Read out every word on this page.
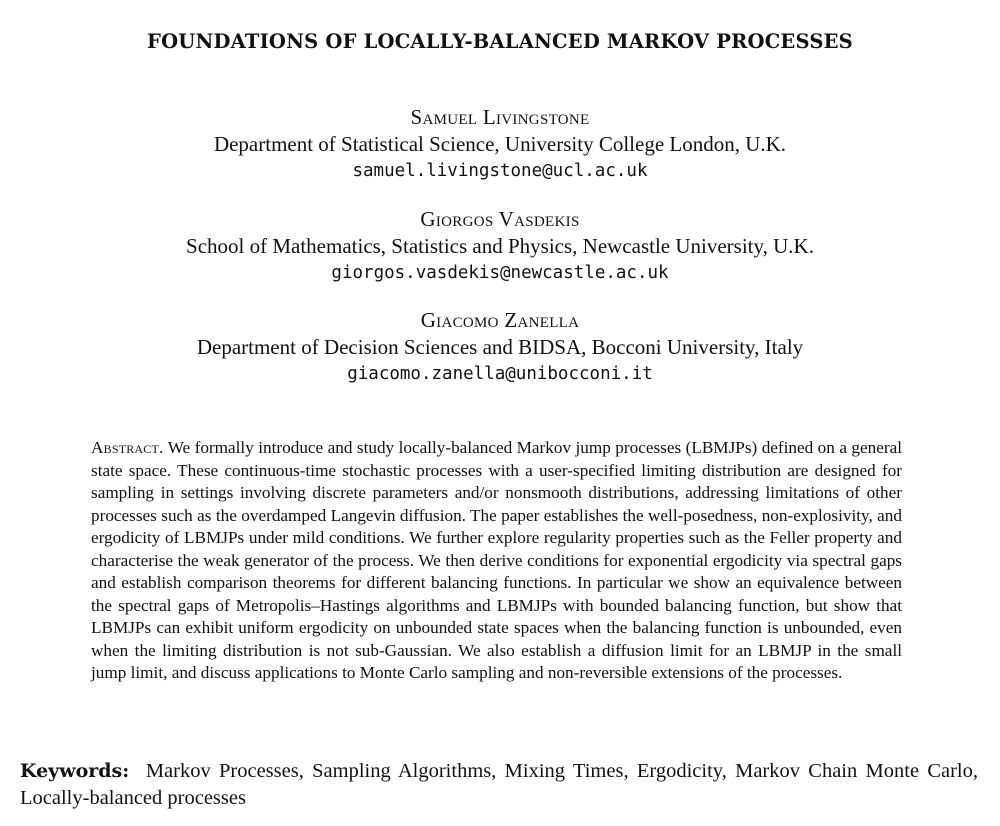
FOUNDATIONS OF LOCALLY-BALANCED MARKOV PROCESSES
Samuel Livingstone
Department of Statistical Science, University College London, U.K.
samuel.livingstone@ucl.ac.uk
Giorgos Vasdekis
School of Mathematics, Statistics and Physics, Newcastle University, U.K.
giorgos.vasdekis@newcastle.ac.uk
Giacomo Zanella
Department of Decision Sciences and BIDSA, Bocconi University, Italy
giacomo.zanella@unibocconi.it
Abstract. We formally introduce and study locally-balanced Markov jump processes (LBMJPs) defined on a general state space. These continuous-time stochastic processes with a user-specified limiting distribution are designed for sampling in settings involving discrete parameters and/or nonsmooth distributions, addressing limitations of other processes such as the overdamped Langevin diffusion. The paper establishes the well-posedness, non-explosivity, and ergodicity of LBMJPs under mild conditions. We further explore regularity properties such as the Feller property and characterise the weak generator of the process. We then derive conditions for exponential ergodicity via spectral gaps and establish comparison theorems for different balancing functions. In particular we show an equivalence between the spectral gaps of Metropolis–Hastings algorithms and LBMJPs with bounded balancing function, but show that LBMJPs can exhibit uniform ergodicity on unbounded state spaces when the balancing function is unbounded, even when the limiting distribution is not sub-Gaussian. We also establish a diffusion limit for an LBMJP in the small jump limit, and discuss applications to Monte Carlo sampling and non-reversible extensions of the processes.
Keywords: Markov Processes, Sampling Algorithms, Mixing Times, Ergodicity, Markov Chain Monte Carlo, Locally-balanced processes
